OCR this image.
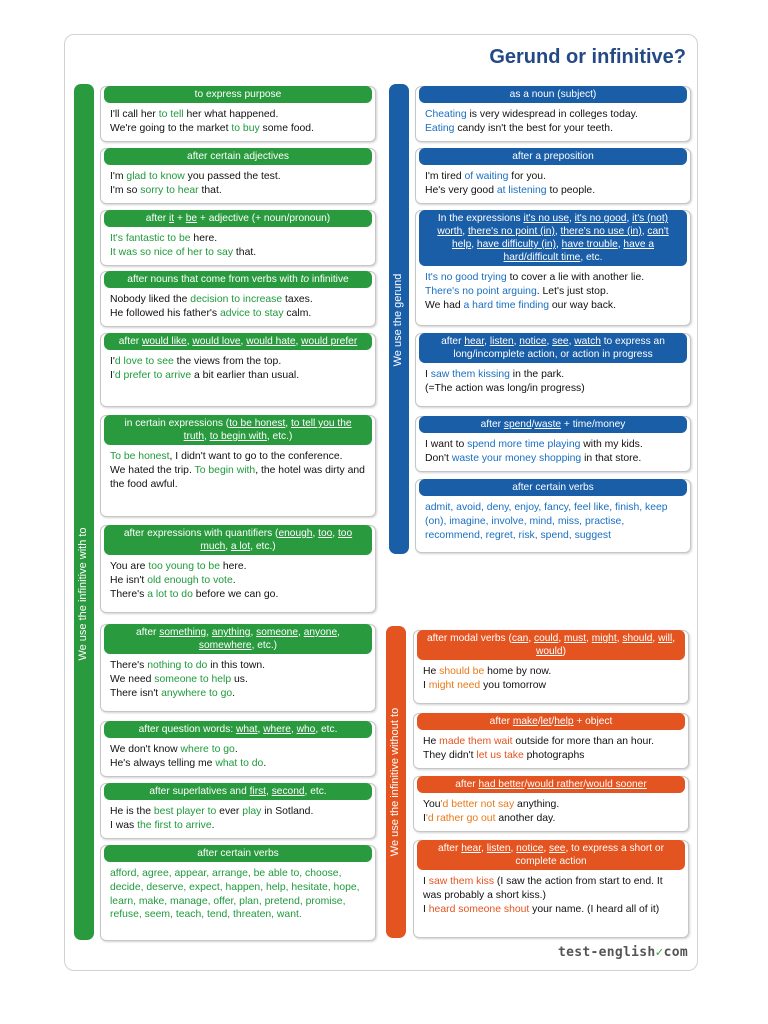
Gerund or infinitive?
We use the infinitive with to
We use the gerund
We use the infinitive without to
to express purpose
I'll call her to tell her what happened.
We're going to the market to buy some food.
after certain adjectives
I'm glad to know you passed the test.
I'm so sorry to hear that.
after it + be + adjective (+ noun/pronoun)
It's fantastic to be here.
It was so nice of her to say that.
after nouns that come from verbs with to infinitive
Nobody liked the decision to increase taxes.
He followed his father's advice to stay calm.
after would like, would love, would hate, would prefer
I'd love to see the views from the top.
I'd prefer to arrive a bit earlier than usual.
in certain expressions (to be honest, to tell you the truth, to begin with, etc.)
To be honest, I didn't want to go to the conference.
We hated the trip. To begin with, the hotel was dirty and the food awful.
after expressions with quantifiers (enough, too, too much, a lot, etc.)
You are too young to be here.
He isn't old enough to vote.
There's a lot to do before we can go.
after something, anything, someone, anyone, somewhere, etc.)
There's nothing to do in this town.
We need someone to help us.
There isn't anywhere to go.
after question words: what, where, who, etc.
We don't know where to go.
He's always telling me what to do.
after superlatives and first, second, etc.
He is the best player to ever play in Sotland.
I was the first to arrive.
after certain verbs
afford, agree, appear, arrange, be able to, choose, decide, deserve, expect, happen, help, hesitate, hope, learn, make, manage, offer, plan, pretend, promise, refuse, seem, teach, tend, threaten, want.
as a noun (subject)
Cheating is very widespread in colleges today.
Eating candy isn't the best for your teeth.
after a preposition
I'm tired of waiting for you.
He's very good at listening to people.
In the expressions it's no use, it's no good, it's (not) worth, there's no point (in), there's no use (in), can't help, have difficulty (in), have trouble, have a hard/difficult time, etc.
It's no good trying to cover a lie with another lie.
There's no point arguing. Let's just stop.
We had a hard time finding our way back.
after hear, listen, notice, see, watch to express an long/incomplete action, or action in progress
I saw them kissing in the park.
(=The action was long/in progress)
after spend/waste + time/money
I want to spend more time playing with my kids.
Don't waste your money shopping in that store.
after certain verbs
admit, avoid, deny, enjoy, fancy, feel like, finish, keep (on), imagine, involve, mind, miss, practise, recommend, regret, risk, spend, suggest
after modal verbs (can, could, must, might, should, will, would)
He should be home by now.
I might need you tomorrow
after make/let/help + object
He made them wait outside for more than an hour.
They didn't let us take photographs
after had better/would rather/would sooner
You'd better not say anything.
I'd rather go out another day.
after hear, listen, notice, see, to express a short or complete action
I saw them kiss (I saw the action from start to end. It was probably a short kiss.)
I heard someone shout your name. (I heard all of it)
test-english✓com
